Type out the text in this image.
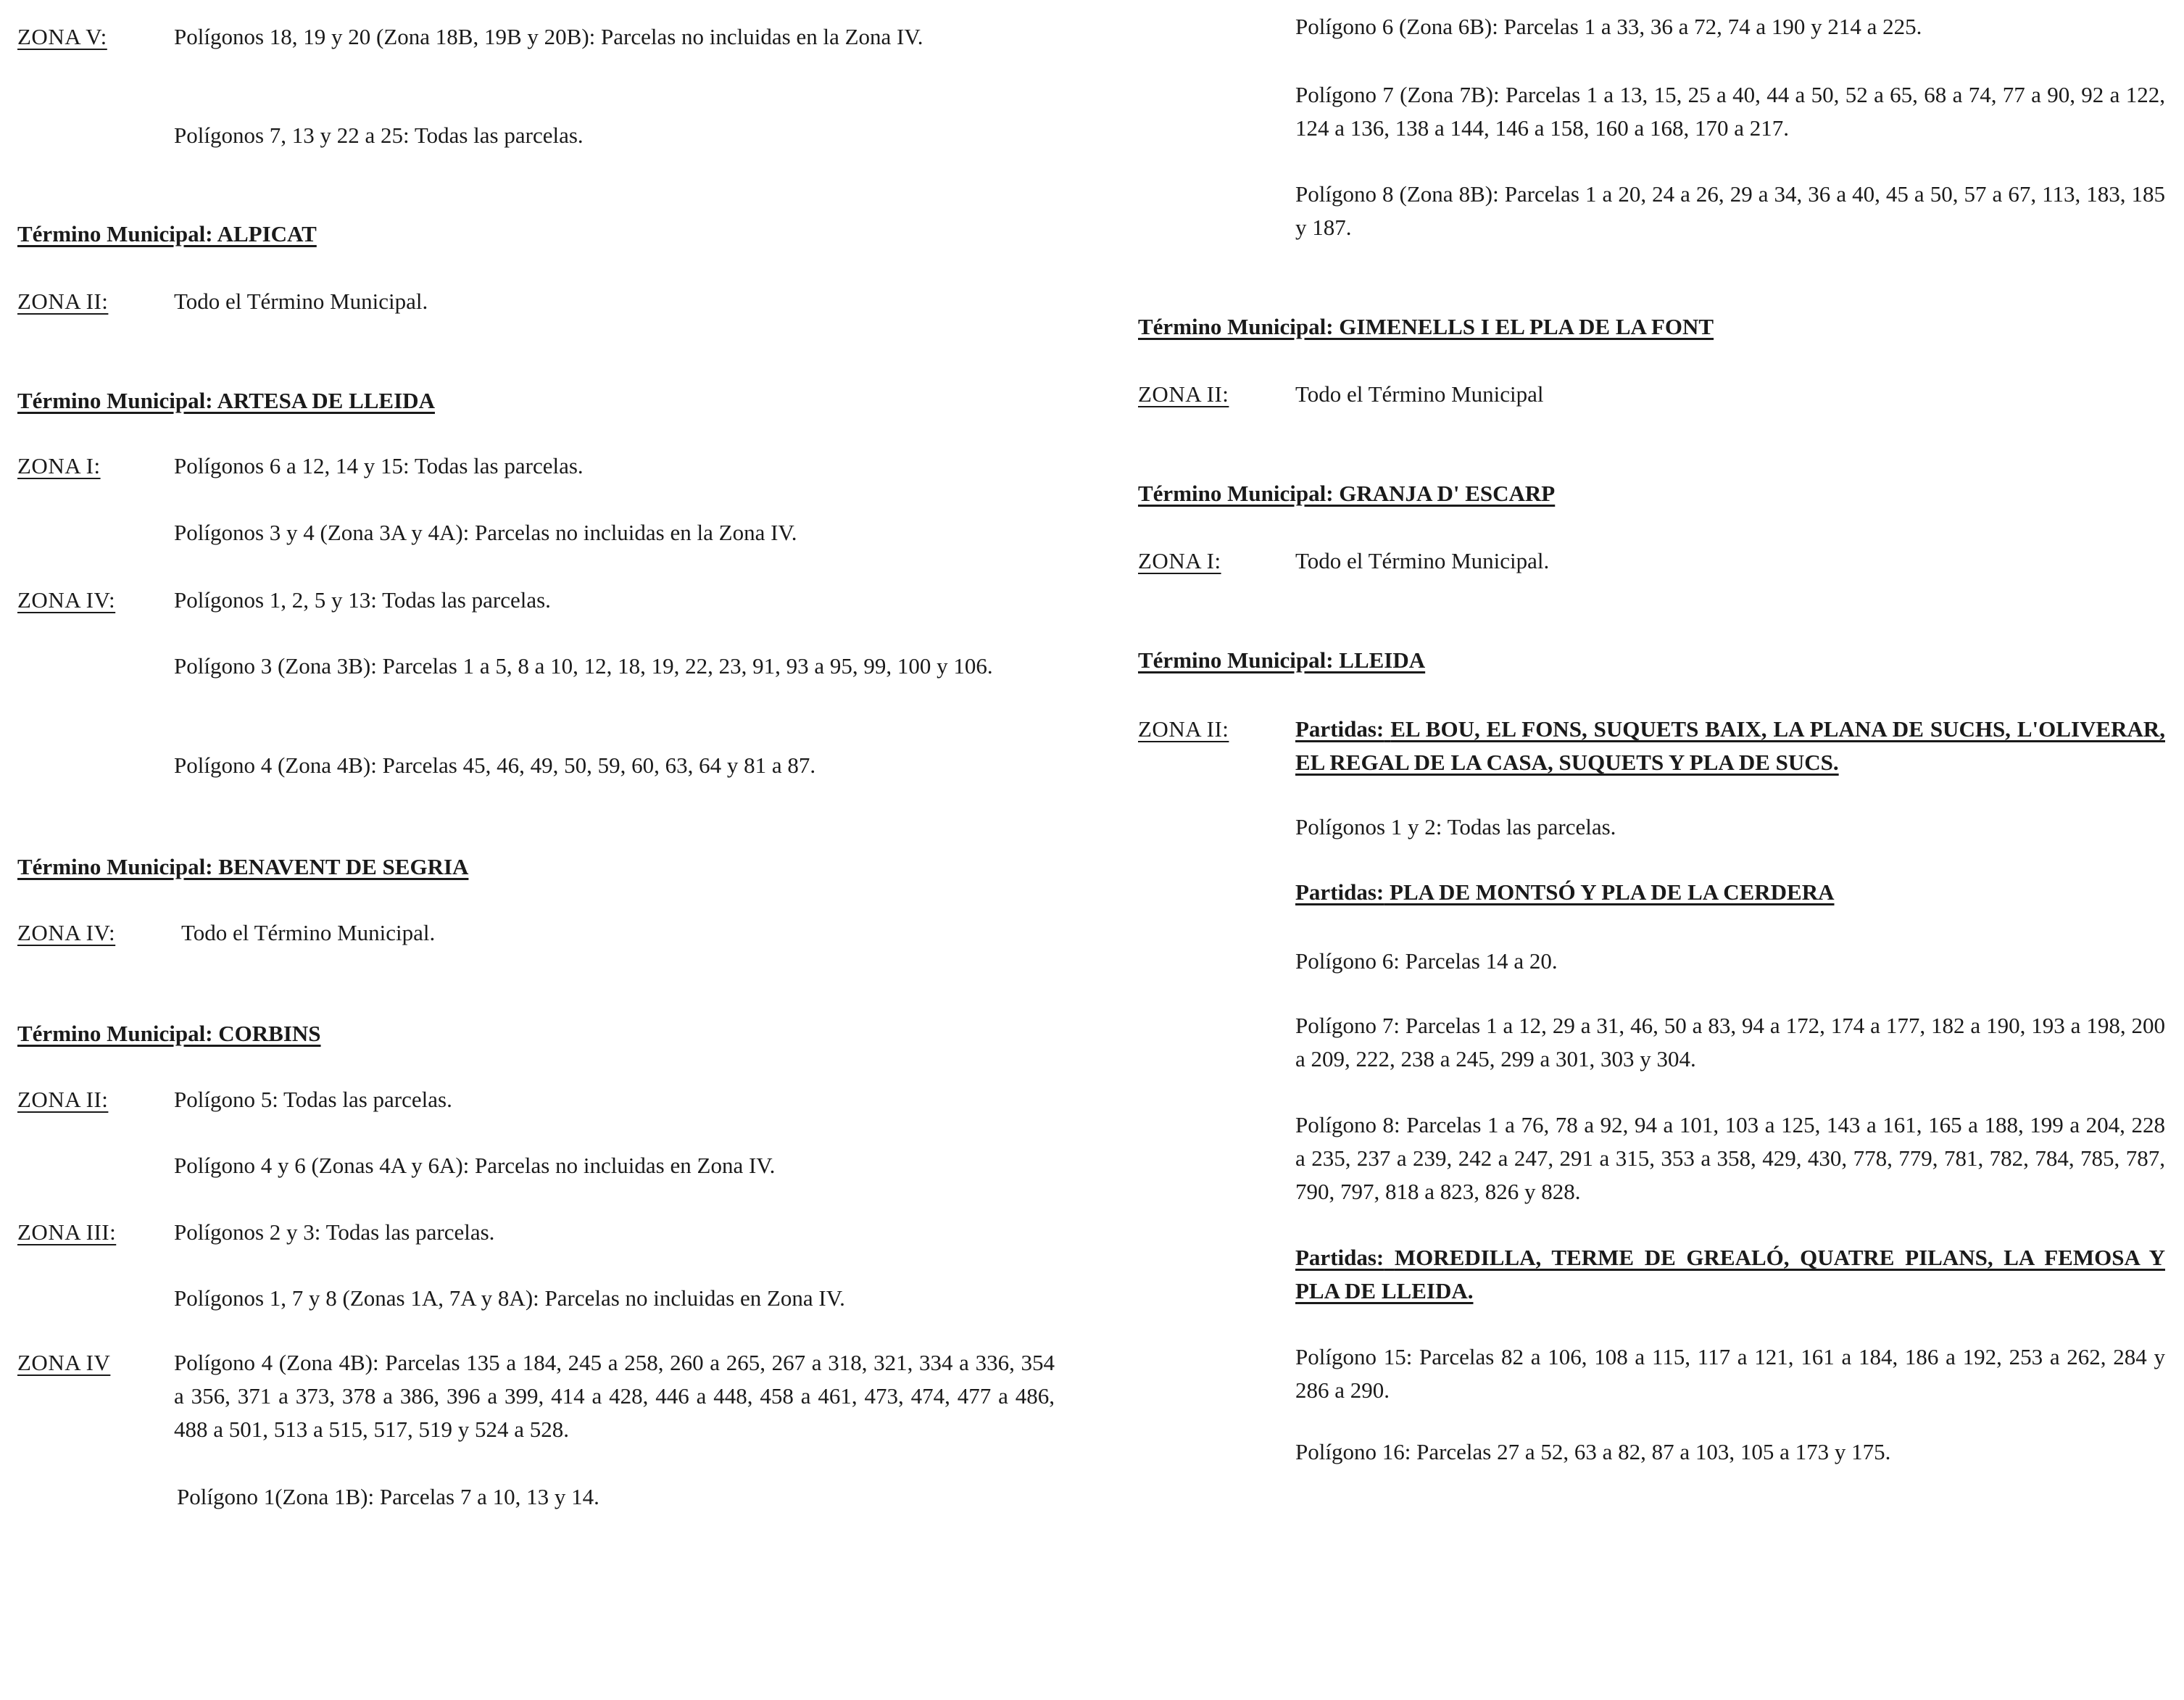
ZONA V:	Polígonos 18, 19 y 20 (Zona 18B, 19B y 20B): Parcelas no incluidas en la Zona IV.
Polígonos 7, 13 y 22 a 25: Todas las parcelas.
Término Municipal: ALPICAT
ZONA II:	Todo el Término Municipal.
Término Municipal: ARTESA DE LLEIDA
ZONA I:	Polígonos 6 a 12, 14 y 15: Todas las parcelas.
Polígonos 3 y 4 (Zona 3A y 4A): Parcelas no incluidas en la Zona IV.
ZONA IV:	Polígonos 1, 2, 5 y 13: Todas las parcelas.
Polígono 3 (Zona 3B): Parcelas 1 a 5, 8 a 10, 12, 18, 19, 22, 23, 91, 93 a 95, 99, 100 y 106.
Polígono 4 (Zona 4B): Parcelas 45, 46, 49, 50, 59, 60, 63, 64 y 81 a 87.
Término Municipal: BENAVENT DE SEGRIA
ZONA IV:	Todo el Término Municipal.
Término Municipal: CORBINS
ZONA II:	Polígono 5: Todas las parcelas.
Polígono 4 y 6 (Zonas 4A y 6A): Parcelas no incluidas en Zona IV.
ZONA III:	Polígonos 2 y 3: Todas las parcelas.
Polígonos 1, 7 y 8 (Zonas 1A, 7A y 8A): Parcelas no incluidas en Zona IV.
ZONA IV	Polígono 4 (Zona 4B): Parcelas 135 a 184, 245 a 258, 260 a 265, 267 a 318, 321, 334 a 336, 354 a 356, 371 a 373, 378 a 386, 396 a 399, 414 a 428, 446 a 448, 458 a 461, 473, 474, 477 a 486, 488 a 501, 513 a 515, 517, 519 y 524 a 528.
Polígono 1(Zona 1B): Parcelas 7 a 10, 13 y 14.
Polígono 6 (Zona 6B): Parcelas 1 a 33, 36 a 72, 74 a 190 y 214 a 225.
Polígono 7 (Zona 7B): Parcelas 1 a 13, 15, 25 a 40, 44 a 50, 52 a 65, 68 a 74, 77 a 90, 92 a 122, 124 a 136, 138 a 144, 146 a 158, 160 a 168, 170 a 217.
Polígono 8 (Zona 8B): Parcelas 1 a 20, 24 a 26, 29 a 34, 36 a 40, 45 a 50, 57 a 67, 113, 183, 185 y 187.
Término Municipal: GIMENELLS I EL PLA DE LA FONT
ZONA II:	Todo el Término Municipal
Término Municipal: GRANJA D' ESCARP
ZONA I:	Todo el Término Municipal.
Término Municipal: LLEIDA
ZONA II:	Partidas: EL BOU, EL FONS, SUQUETS BAIX, LA PLANA DE SUCHS, L'OLIVERAR, EL REGAL DE LA CASA, SUQUETS Y PLA DE SUCS.
Polígonos 1 y 2: Todas las parcelas.
Partidas: PLA DE MONTSÓ Y PLA DE LA CERDERA
Polígono 6: Parcelas 14 a 20.
Polígono 7: Parcelas 1 a 12, 29 a 31, 46, 50 a 83, 94 a 172, 174 a 177, 182 a 190, 193 a 198, 200 a 209, 222, 238 a 245, 299 a 301, 303 y 304.
Polígono 8: Parcelas 1 a 76, 78 a 92, 94 a 101, 103 a 125, 143 a 161, 165 a 188, 199 a 204, 228 a 235, 237 a 239, 242 a 247, 291 a 315, 353 a 358, 429, 430, 778, 779, 781, 782, 784, 785, 787, 790, 797, 818 a 823, 826 y 828.
Partidas: MOREDILLA, TERME DE GREALÓ, QUATRE PILANS, LA FEMOSA Y PLA DE LLEIDA.
Polígono 15: Parcelas 82 a 106, 108 a 115, 117 a 121, 161 a 184, 186 a 192, 253 a 262, 284 y 286 a 290.
Polígono 16: Parcelas 27 a 52, 63 a 82, 87 a 103, 105 a 173 y 175.
